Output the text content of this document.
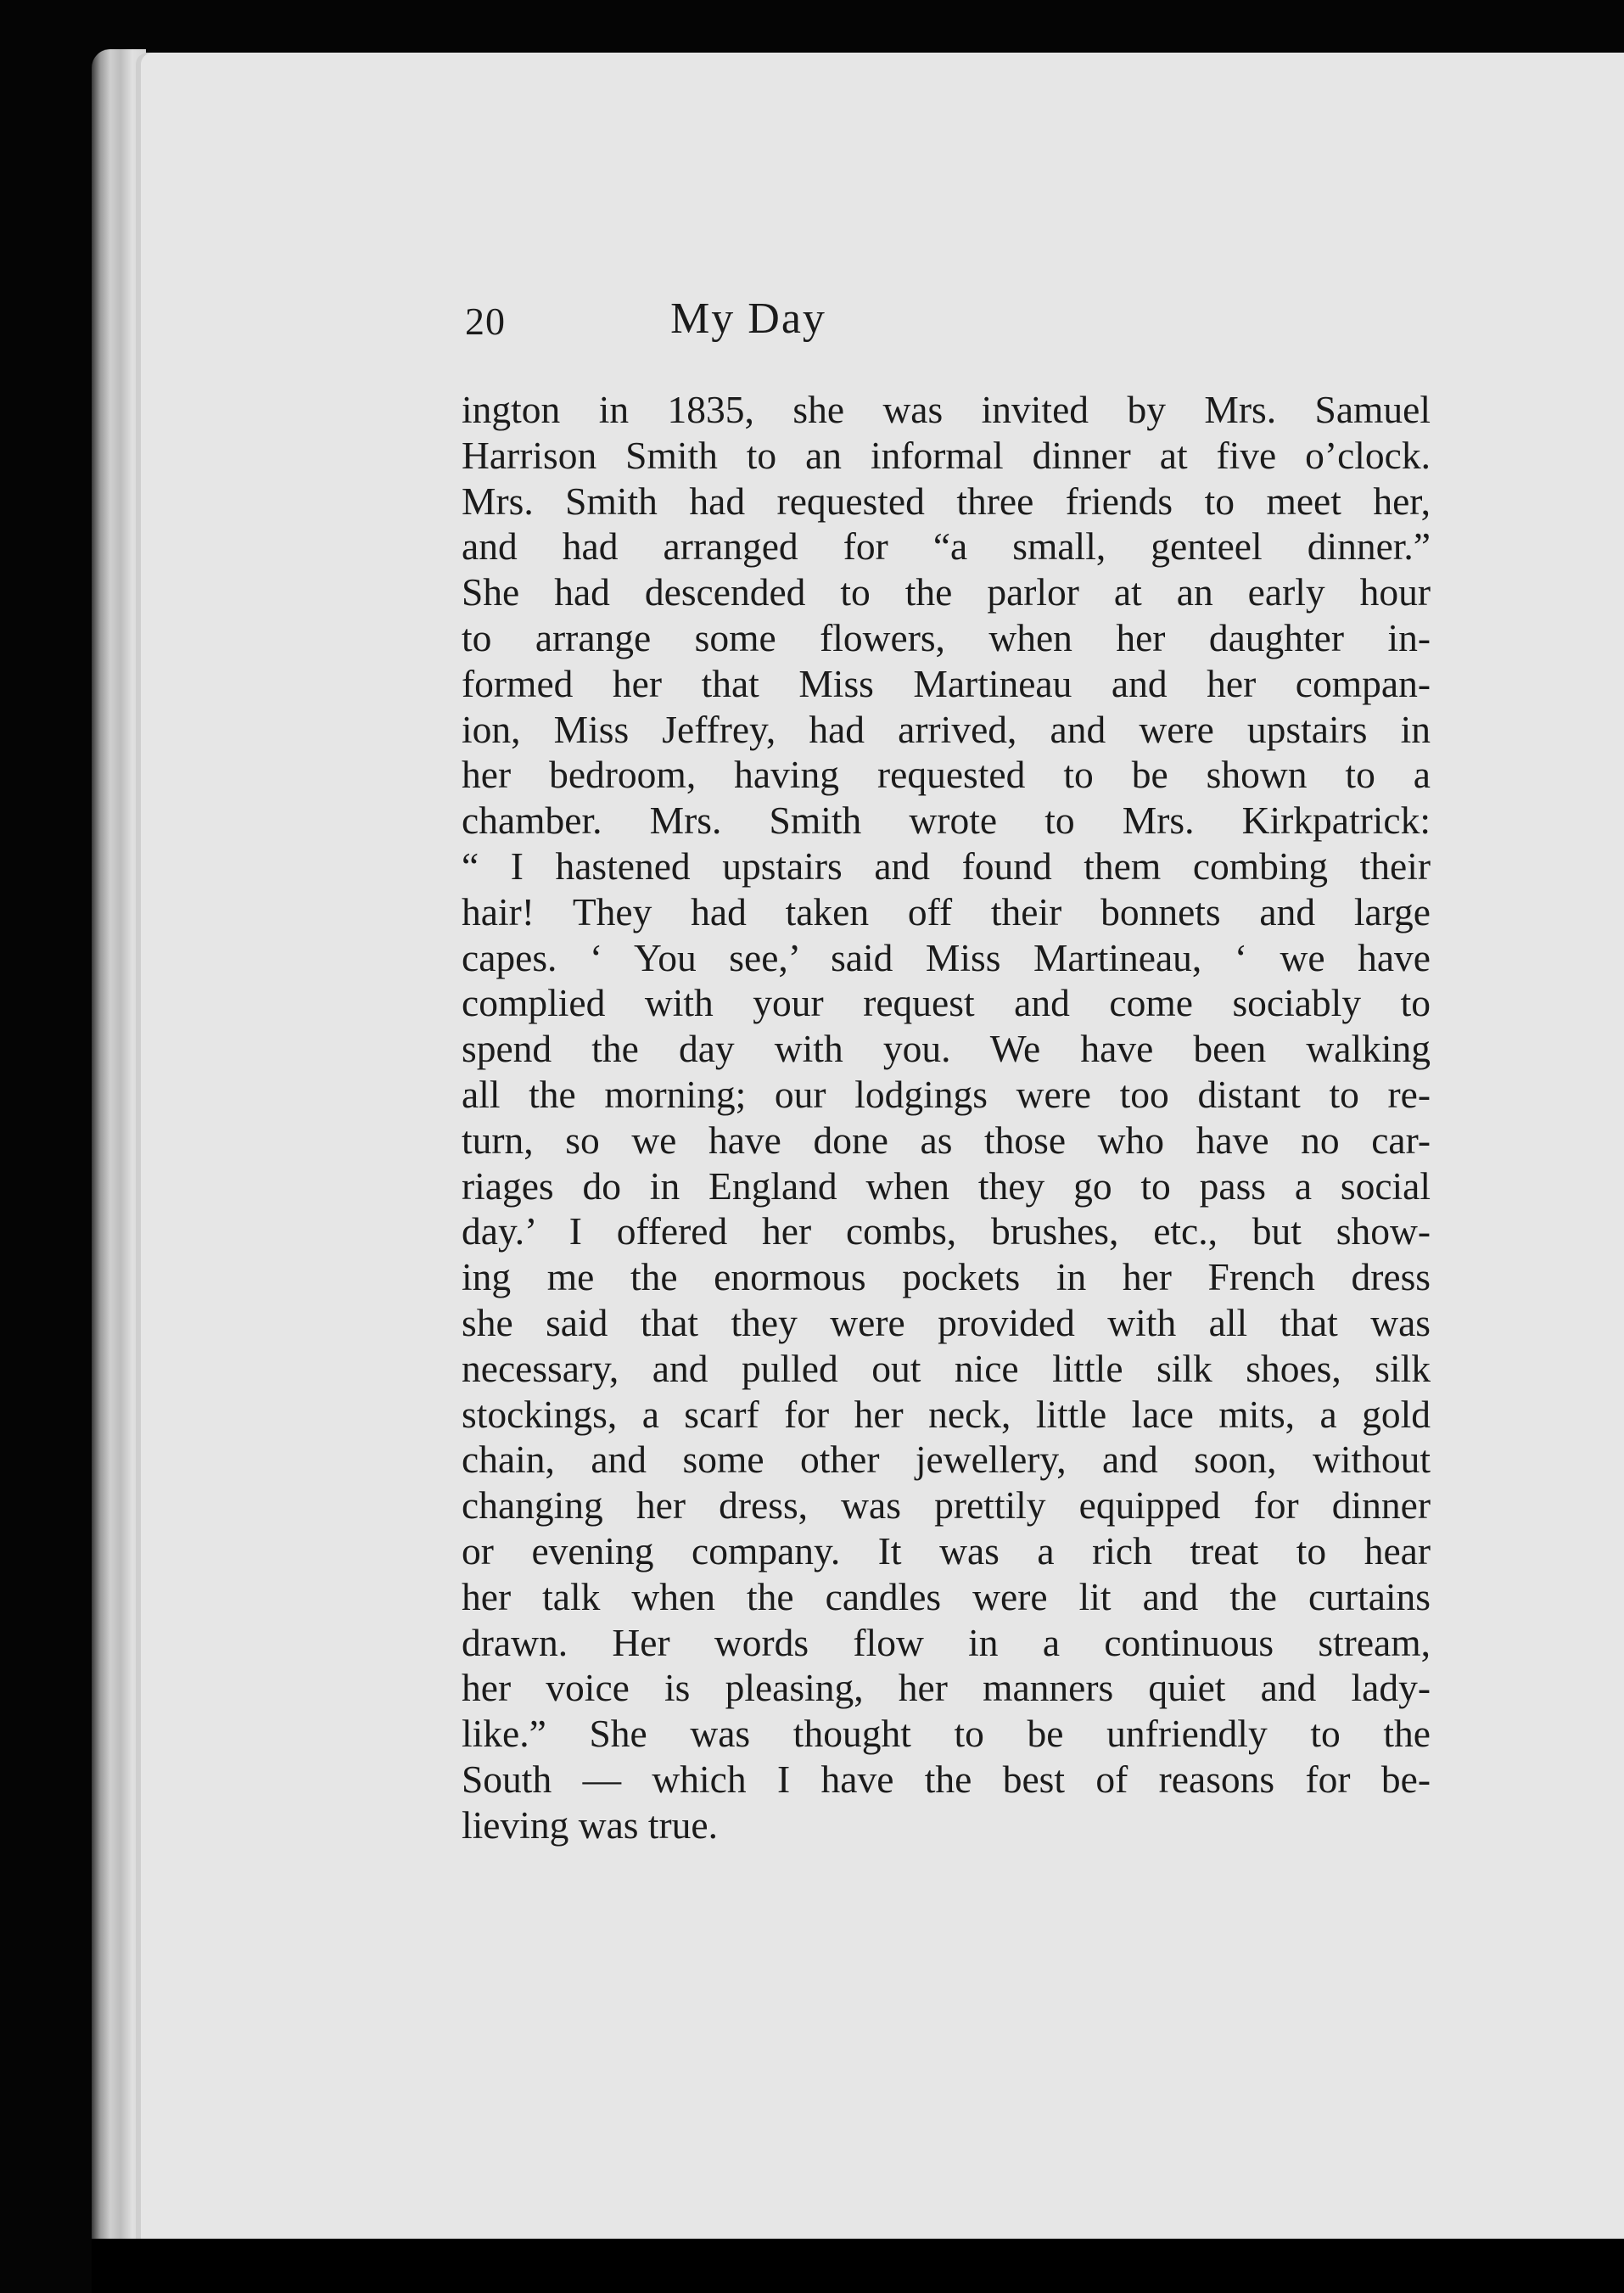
20	My Day
ington in 1835, she was invited by Mrs. Samuel
Harrison Smith to an informal dinner at five o’clock.
Mrs. Smith had requested three friends to meet her,
and had arranged for “a small, genteel dinner.”
She had descended to the parlor at an early hour
to arrange some flowers, when her daughter in-
formed her that Miss Martineau and her compan-
ion, Miss Jeffrey, had arrived, and were upstairs in
her bedroom, having requested to be shown to a
chamber. Mrs. Smith wrote to Mrs. Kirkpatrick:
“ I hastened upstairs and found them combing their
hair! They had taken off their bonnets and large
capes. ‘ You see,’ said Miss Martineau, ‘ we have
complied with your request and come sociably to
spend the day with you. We have been walking
all the morning; our lodgings were too distant to re-
turn, so we have done as those who have no car-
riages do in England when they go to pass a social
day.’ I offered her combs, brushes, etc., but show-
ing me the enormous pockets in her French dress
she said that they were provided with all that was
necessary, and pulled out nice little silk shoes, silk
stockings, a scarf for her neck, little lace mits, a gold
chain, and some other jewellery, and soon, without
changing her dress, was prettily equipped for dinner
or evening company. It was a rich treat to hear
her talk when the candles were lit and the curtains
drawn. Her words flow in a continuous stream,
her voice is pleasing, her manners quiet and lady-
like.” She was thought to be unfriendly to the
South — which I have the best of reasons for be-
lieving was true.
